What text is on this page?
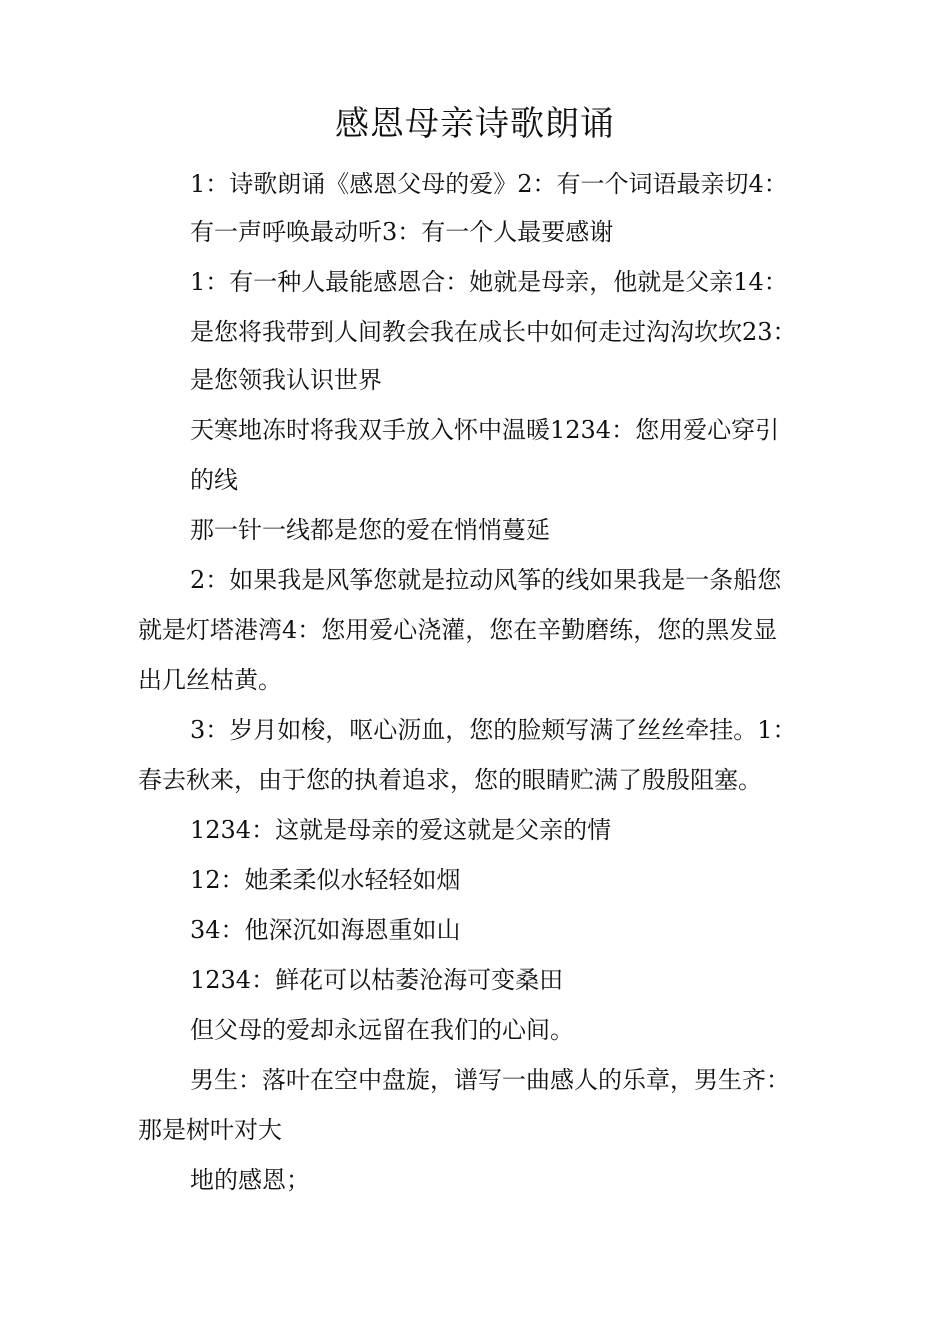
感恩母亲诗歌朗诵
1：诗歌朗诵《感恩父母的爱》2：有一个词语最亲切4：
有一声呼唤最动听3：有一个人最要感谢
1：有一种人最能感恩合：她就是母亲，他就是父亲14：
是您将我带到人间教会我在成长中如何走过沟沟坎坎23：
是您领我认识世界
天寒地冻时将我双手放入怀中温暖1234：您用爱心穿引
的线
那一针一线都是您的爱在悄悄蔓延
2：如果我是风筝您就是拉动风筝的线如果我是一条船您
就是灯塔港湾4：您用爱心浇灌，您在辛勤磨练，您的黑发显
出几丝枯黄。
3：岁月如梭，呕心沥血，您的脸颊写满了丝丝牵挂。1：
春去秋来，由于您的执着追求，您的眼睛贮满了殷殷阻塞。
1234：这就是母亲的爱这就是父亲的情
12：她柔柔似水轻轻如烟
34：他深沉如海恩重如山
1234：鲜花可以枯萎沧海可变桑田
但父母的爱却永远留在我们的心间。
男生：落叶在空中盘旋，谱写一曲感人的乐章，男生齐：
那是树叶对大
地的感恩；
